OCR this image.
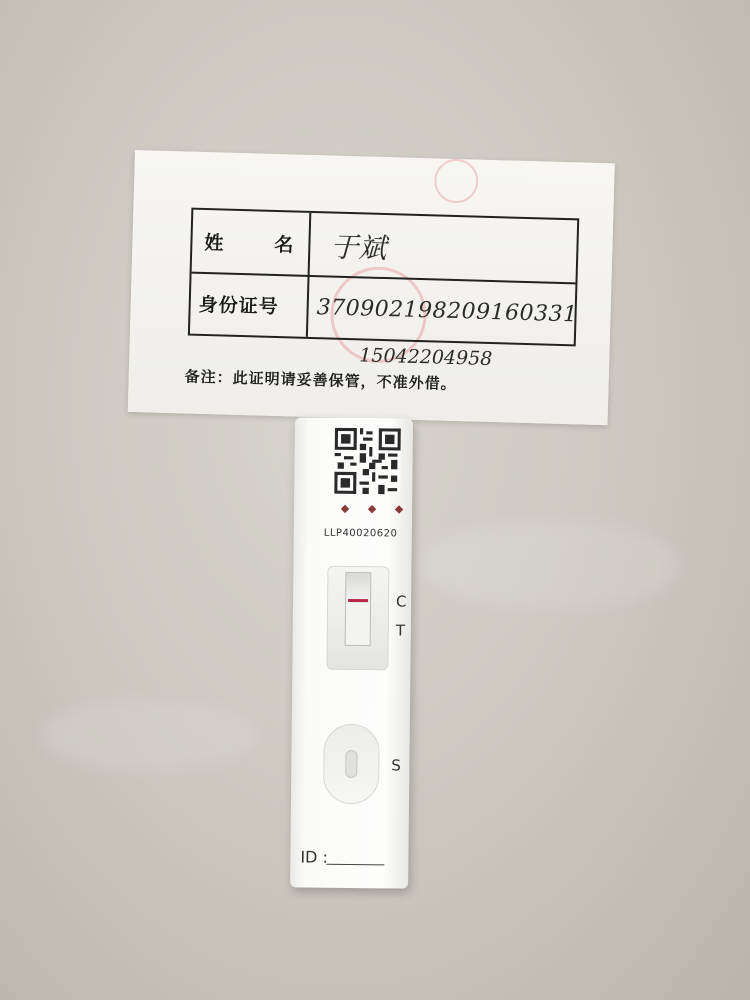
姓	名
身份证号
于斌
370902198209160331
15042204958
备注：此证明请妥善保管，不准外借。
LLP40020620
C
T
S
ID :
